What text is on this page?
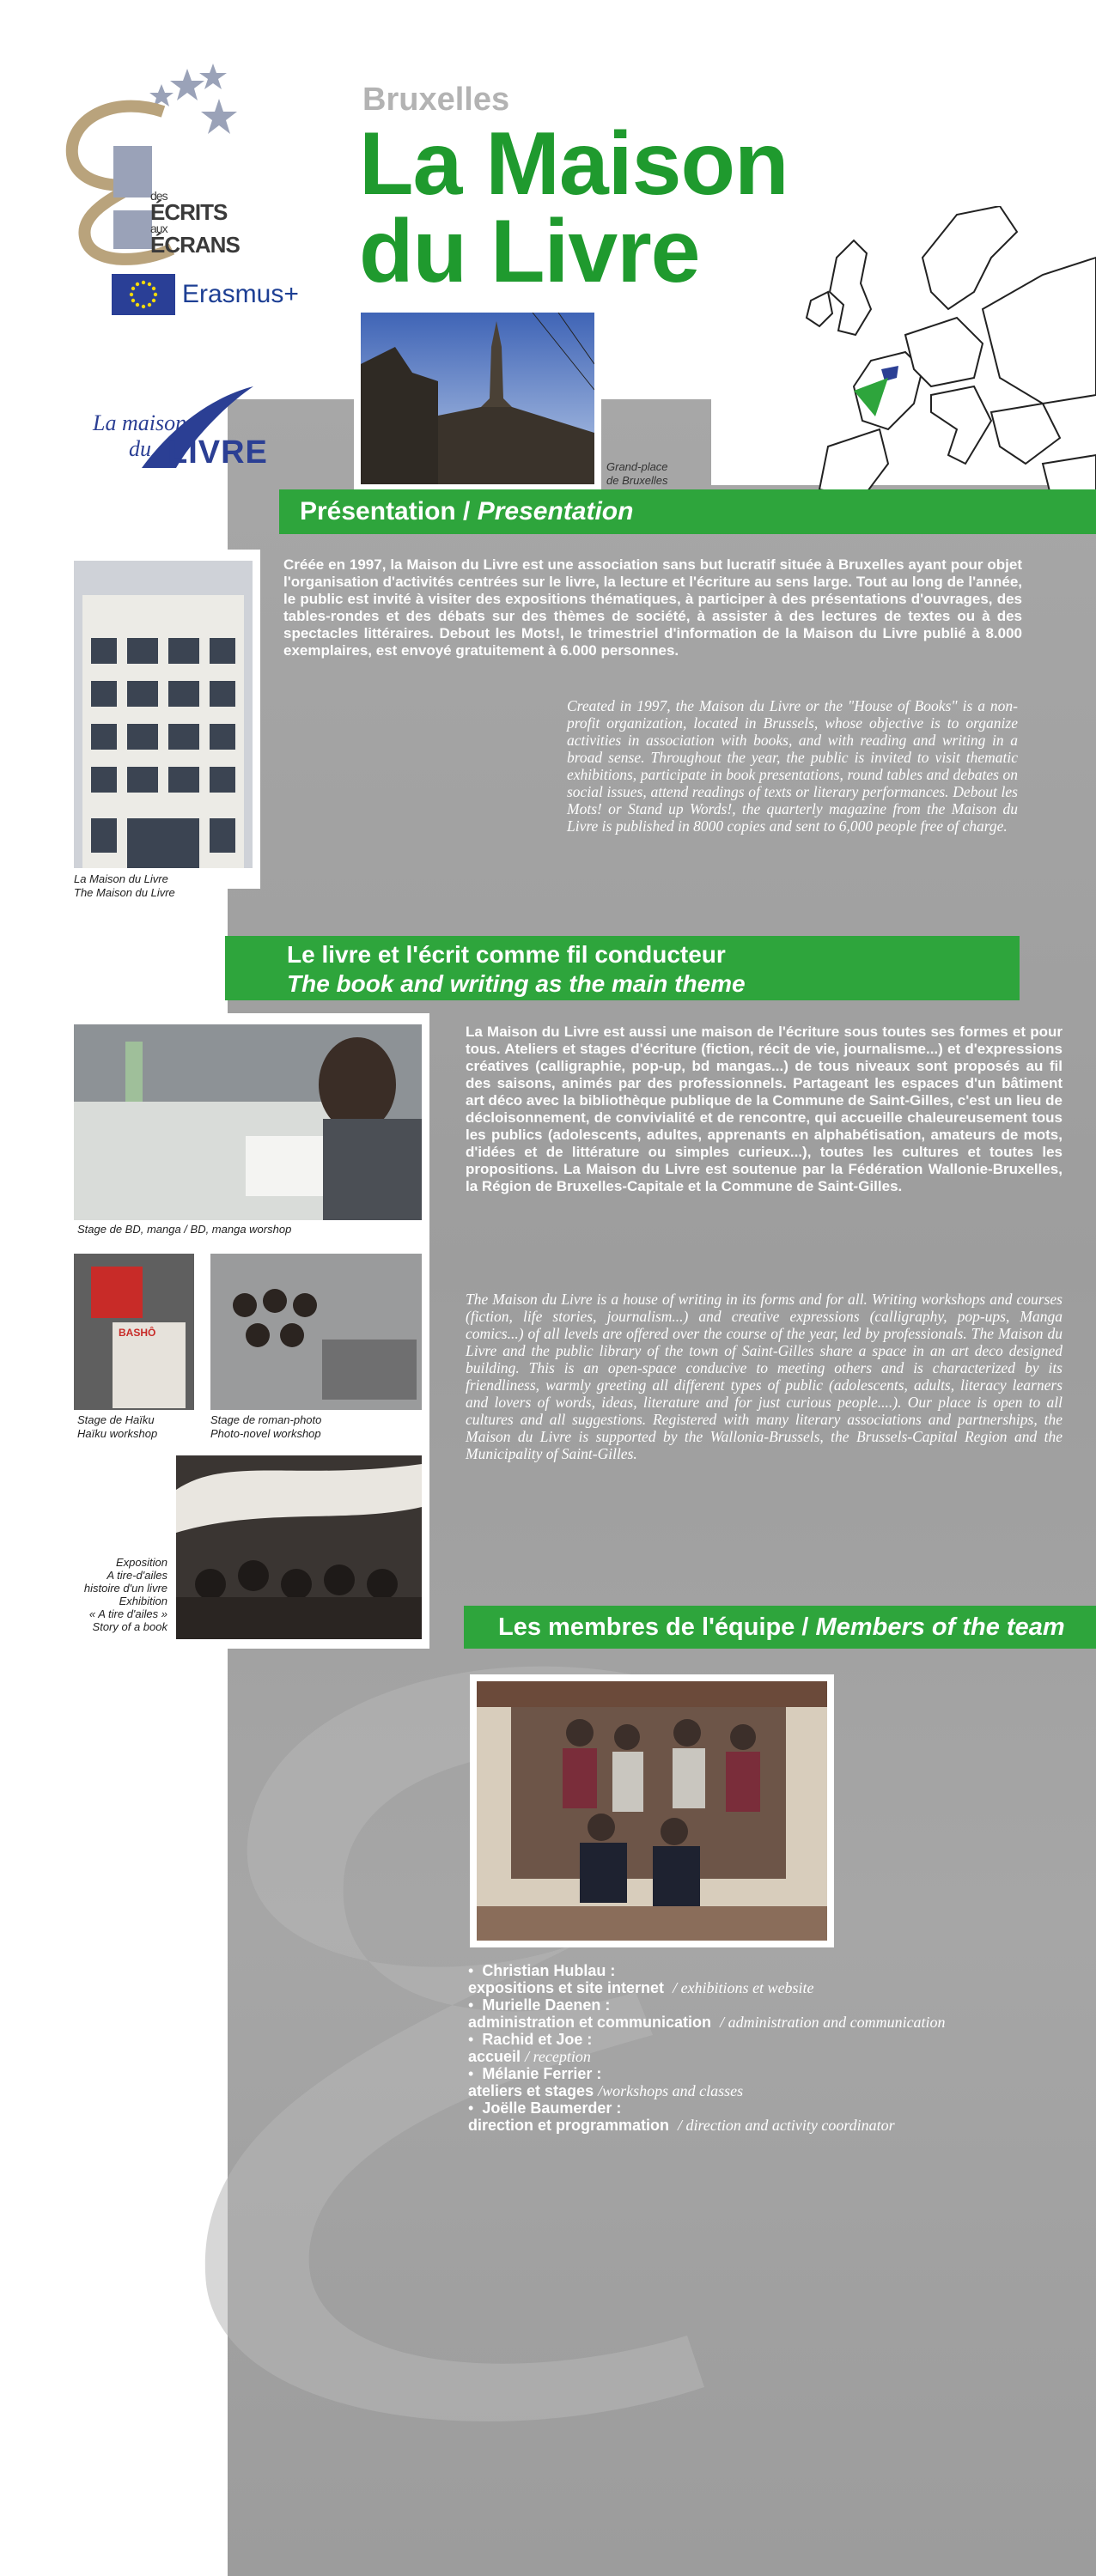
des
ÉCRITS
aux
ÉCRANS
Erasmus+
Bruxelles
La Maison
du Livre
Grand-place
de Bruxelles
La maison
du LIVRE
Présentation / Presentation
La Maison du Livre
The Maison du Livre
Créée en 1997, la Maison du Livre est une association sans but lucratif située à Bruxelles ayant pour objet l'organisation d'activités centrées sur le livre, la lecture et l'écriture au sens large. Tout au long de l'année, le public est invité à visiter des expositions thématiques, à participer à des présentations d'ouvrages, des tables-rondes et des débats sur des thèmes de société, à assister à des lectures de textes ou à des spectacles littéraires. Debout les Mots!, le trimestriel d'information de la Maison du Livre publié à 8.000 exemplaires, est envoyé gratuitement à 6.000 personnes.
Created in 1997, the Maison du Livre or the "House of Books" is a non-profit organization, located in Brussels, whose objective is to organize activities in association with books, and with reading and writing in a broad sense. Throughout the year, the public is invited to visit thematic exhibitions, participate in book presentations, round tables and debates on social issues, attend readings of texts or literary performances. Debout les Mots! or Stand up Words!, the quarterly magazine from the Maison du Livre is published in 8000 copies and sent to 6,000 people free of charge.
Le livre et l'écrit comme fil conducteur
The book and writing as the main theme
Stage de BD, manga / BD, manga worshop
BASHÔ
Stage de Haïku
Haïku workshop
Stage de roman-photo
Photo-novel workshop
Exposition
A tire-d'ailes
histoire d'un livre
Exhibition
« A tire d'ailes »
Story of a book
La Maison du Livre est aussi une maison de l'écriture sous toutes ses formes et pour tous. Ateliers et stages d'écriture (fiction, récit de vie, journalisme...) et d'expressions créatives (calligraphie, pop-up, bd mangas...) de tous niveaux sont proposés au fil des saisons, animés par des professionnels. Partageant les espaces d'un bâtiment art déco avec la bibliothèque publique de la Commune de Saint-Gilles, c'est un lieu de décloisonnement, de convivialité et de rencontre, qui accueille chaleureusement tous les publics (adolescents, adultes, apprenants en alphabétisation, amateurs de mots, d'idées et de littérature ou simples curieux...), toutes les cultures et toutes les propositions. La Maison du Livre est soutenue par la Fédération Wallonie-Bruxelles, la Région de Bruxelles-Capitale et la Commune de Saint-Gilles.
The Maison du Livre is a house of writing in its forms and for all. Writing workshops and courses (fiction, life stories, journalism...) and creative expressions (calligraphy, pop-ups, Manga comics...) of all levels are offered over the course of the year, led by professionals. The Maison du Livre and the public library of the town of Saint-Gilles share a space in an art deco designed building. This is an open-space conducive to meeting others and is characterized by its friendliness, warmly greeting all different types of public (adolescents, adults, literacy learners and lovers of words, ideas, literature and for just curious people....). Our place is open to all cultures and all suggestions. Registered with many literary associations and partnerships, the Maison du Livre is supported by the Wallonia-Brussels, the Brussels-Capital Region and the Municipality of Saint-Gilles.
Les membres de l'équipe / Members of the team
•  Christian Hublau :
expositions et site internet / exhibitions et website
•  Murielle Daenen :
administration et communication / administration and communication
•  Rachid et Joe :
accueil / reception
•  Mélanie Ferrier :
ateliers et stages /workshops and classes
•  Joëlle Baumerder :
direction et programmation / direction and activity coordinator
